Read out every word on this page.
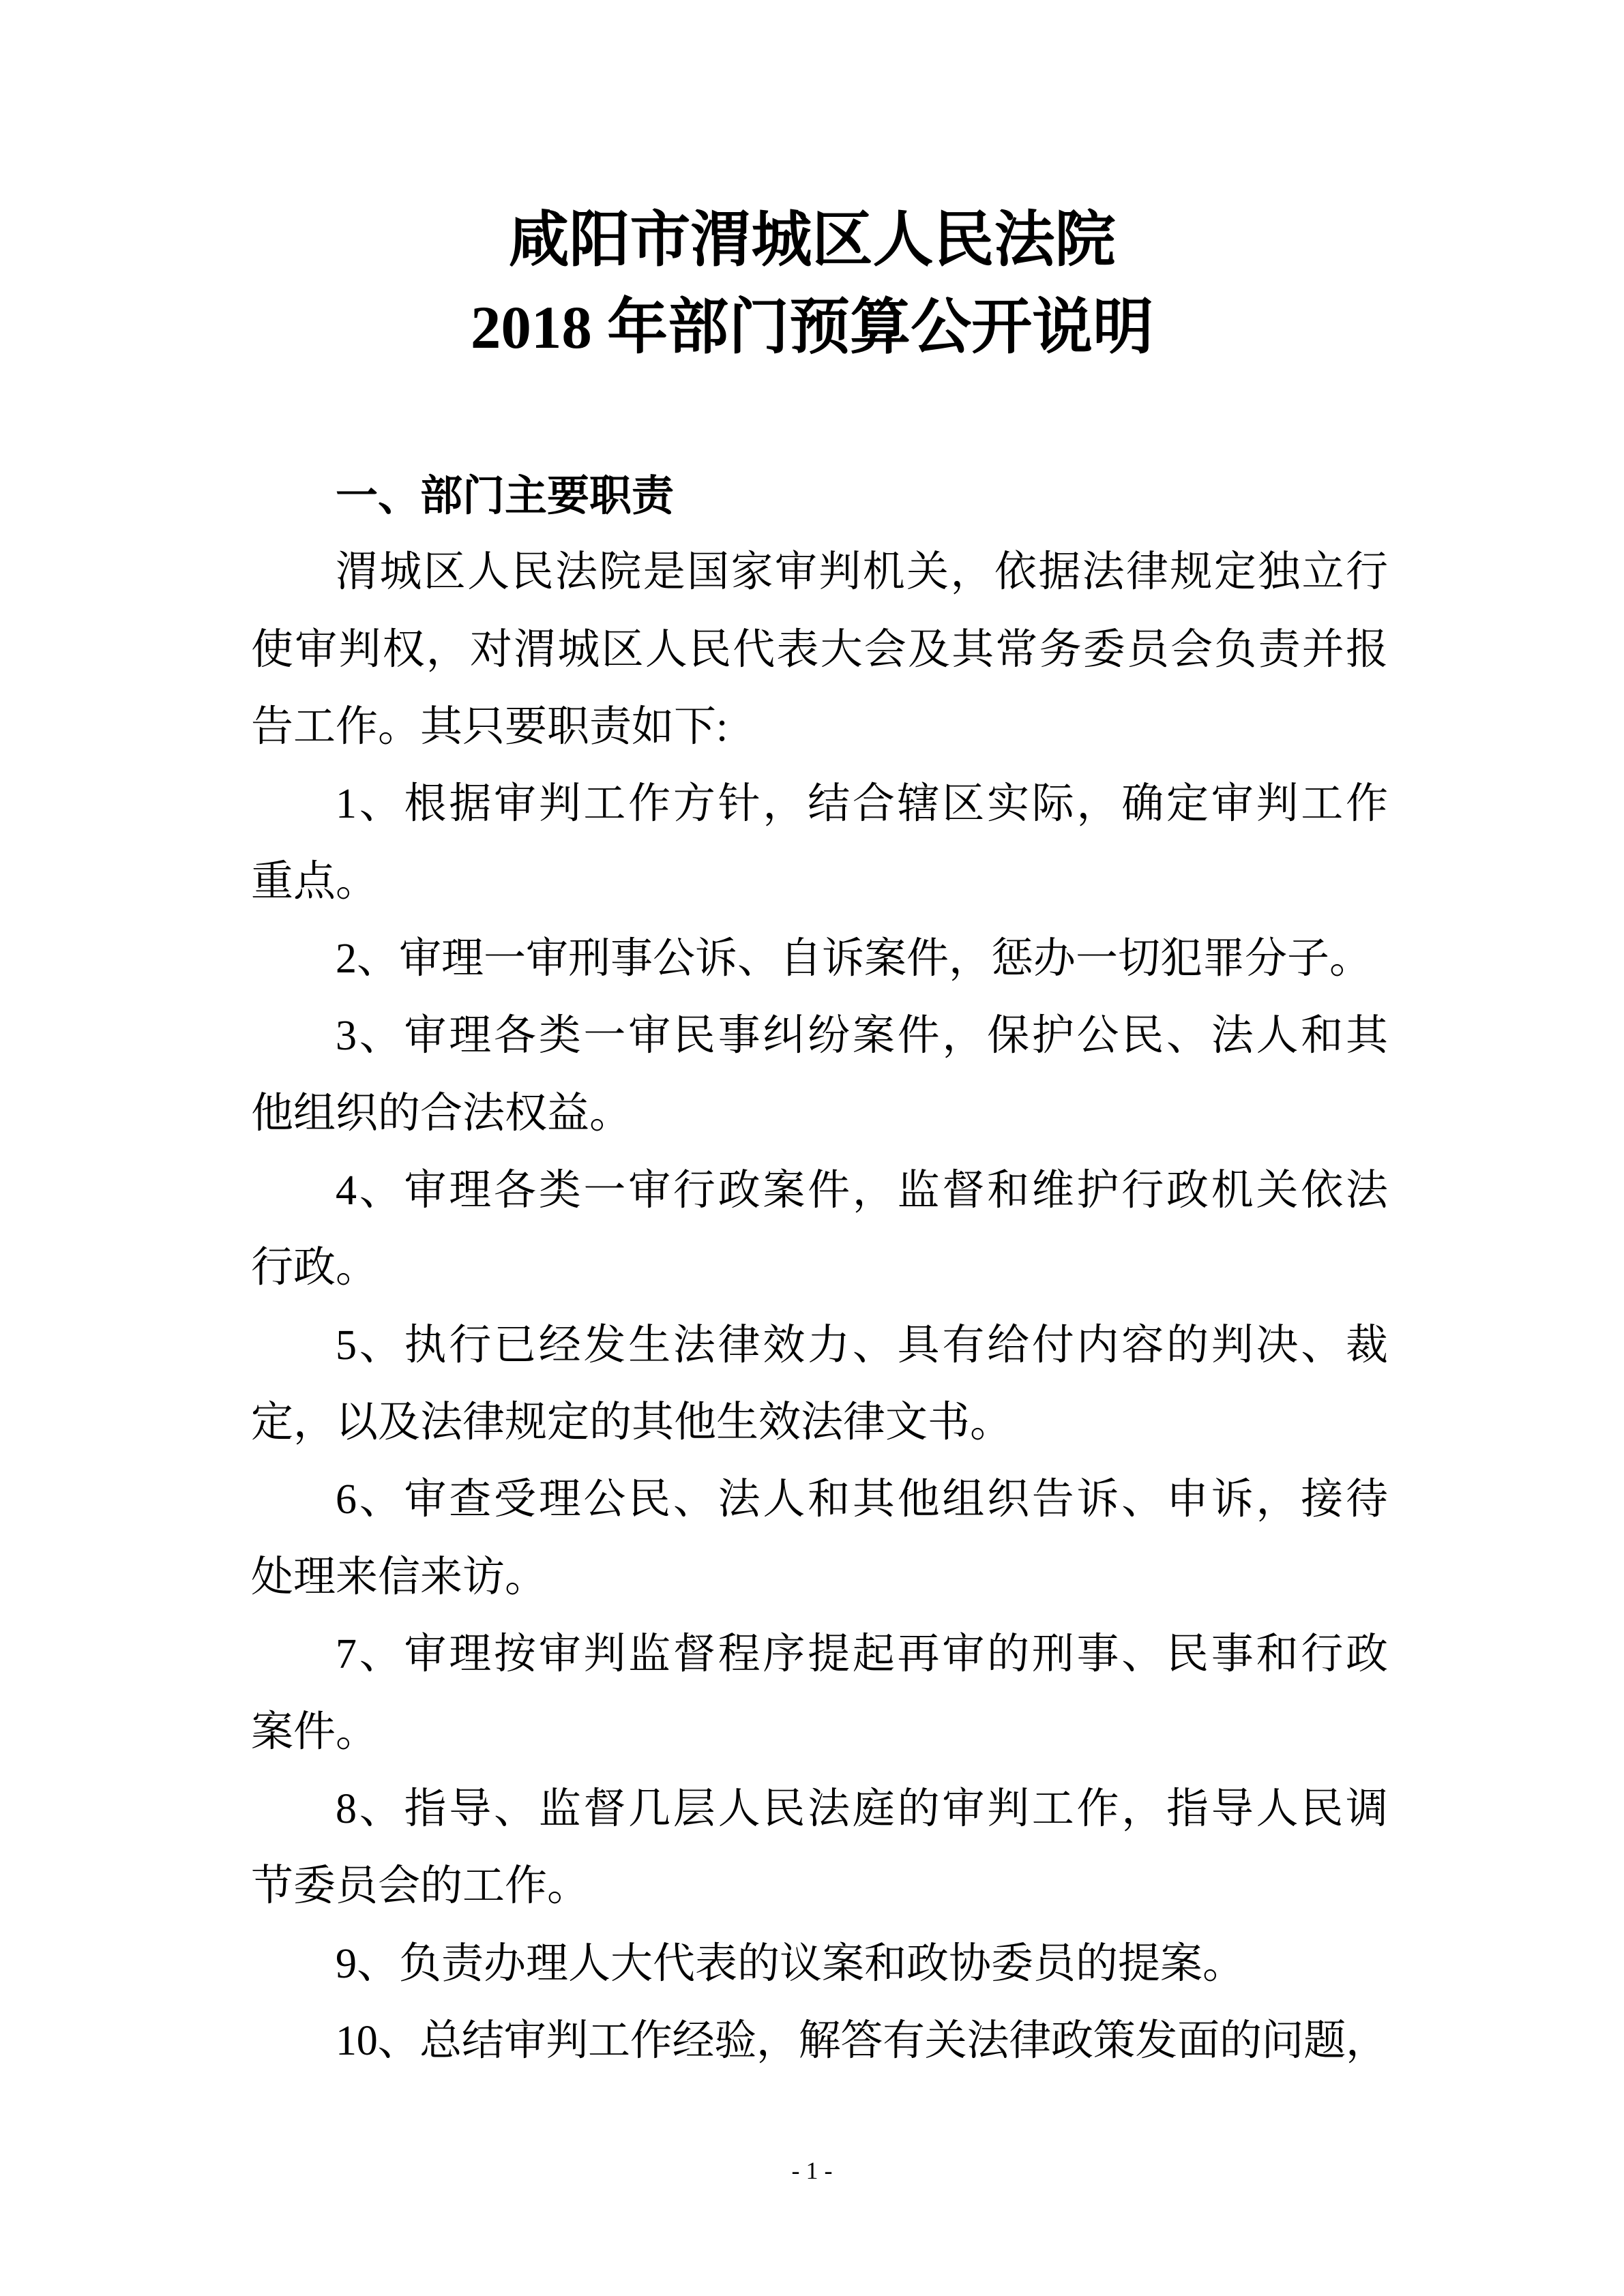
咸阳市渭城区人民法院
2018 年部门预算公开说明
一、部门主要职责
渭城区人民法院是国家审判机关，依据法律规定独立行
使审判权，对渭城区人民代表大会及其常务委员会负责并报
告工作。其只要职责如下:
1、根据审判工作方针，结合辖区实际，确定审判工作
重点。
2、审理一审刑事公诉、自诉案件，惩办一切犯罪分子。
3、审理各类一审民事纠纷案件，保护公民、法人和其
他组织的合法权益。
4、审理各类一审行政案件，监督和维护行政机关依法
行政。
5、执行已经发生法律效力、具有给付内容的判决、裁
定，以及法律规定的其他生效法律文书。
6、审查受理公民、法人和其他组织告诉、申诉，接待
处理来信来访。
7、审理按审判监督程序提起再审的刑事、民事和行政
案件。
8、指导、监督几层人民法庭的审判工作，指导人民调
节委员会的工作。
9、负责办理人大代表的议案和政协委员的提案。
10、总结审判工作经验，解答有关法律政策发面的问题，
- 1 -
